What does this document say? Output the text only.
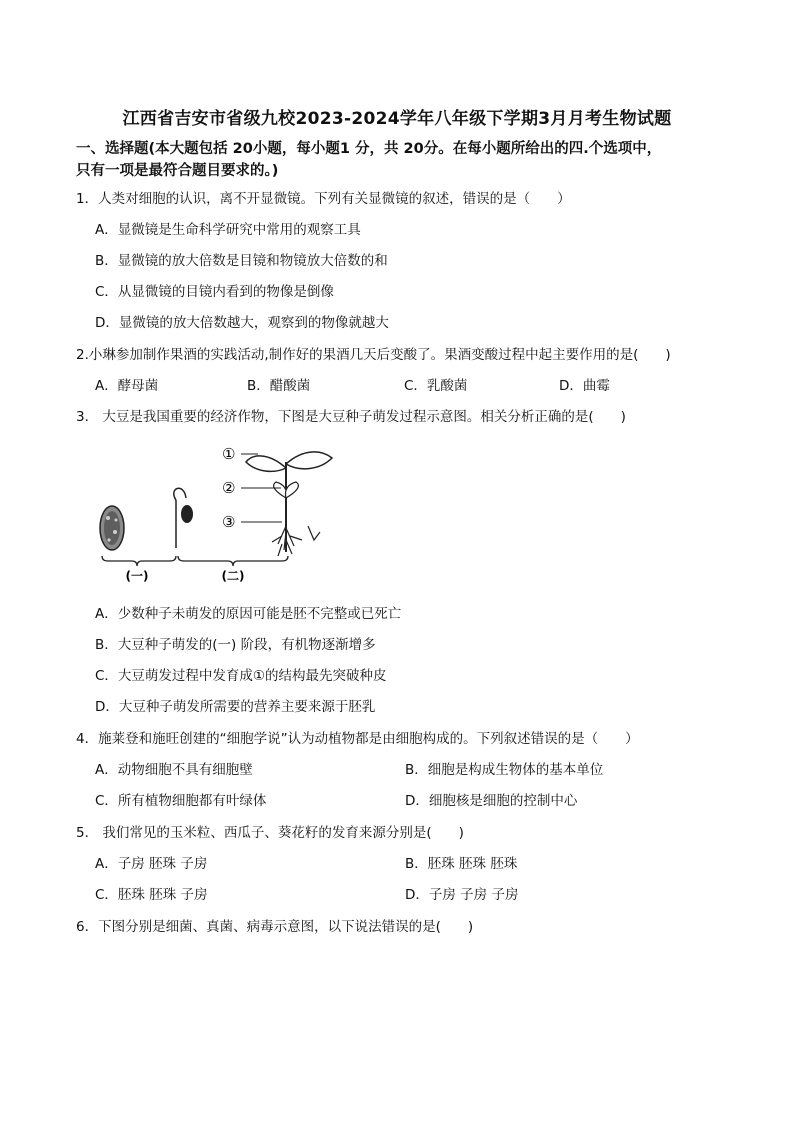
江西省吉安市省级九校2023-2024学年八年级下学期3月月考生物试题
一、选择题(本大题包括 20小题，每小题1 分，共 20分。在每小题所给出的四.个选项中，
只有一项是最符合题目要求的。)
1．人类对细胞的认识，离不开显微镜。下列有关显微镜的叙述，错误的是（　　）
A．显微镜是生命科学研究中常用的观察工具
B．显微镜的放大倍数是目镜和物镜放大倍数的和
C．从显微镜的目镜内看到的物像是倒像
D．显微镜的放大倍数越大，观察到的物像就越大
2.小琳参加制作果酒的实践活动,制作好的果酒几天后变酸了。果酒变酸过程中起主要作用的是(　　)
A．酵母菌	B．醋酸菌	C．乳酸菌	D．曲霉
3． 大豆是我国重要的经济作物，下图是大豆种子萌发过程示意图。相关分析正确的是(　　)
①
②
③
(一)	(二)
A．少数种子未萌发的原因可能是胚不完整或已死亡
B．大豆种子萌发的(一) 阶段，有机物逐渐增多
C．大豆萌发过程中发育成①的结构最先突破种皮
D．大豆种子萌发所需要的营养主要来源于胚乳
4．施莱登和施旺创建的“细胞学说”认为动植物都是由细胞构成的。下列叙述错误的是（　　）
A．动物细胞不具有细胞壁	B．细胞是构成生物体的基本单位
C．所有植物细胞都有叶绿体	D．细胞核是细胞的控制中心
5． 我们常见的玉米粒、西瓜子、葵花籽的发育来源分别是(　　)
A．子房 胚珠 子房	B．胚珠 胚珠 胚珠
C．胚珠 胚珠 子房	D．子房 子房 子房
6．下图分别是细菌、真菌、病毒示意图，以下说法错误的是(　　)
